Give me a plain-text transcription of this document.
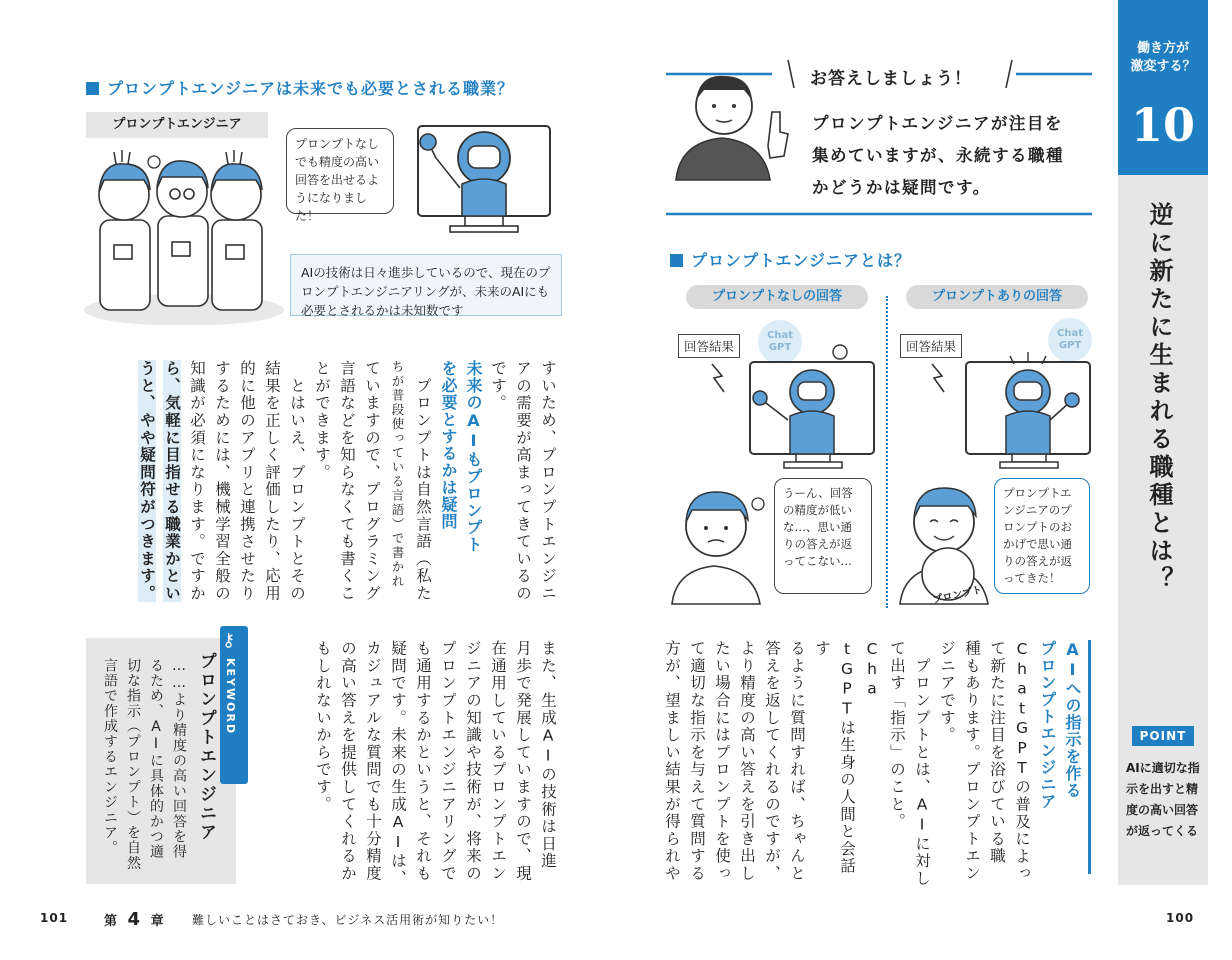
プロンプトエンジニアは未来でも必要とされる職業？
プロンプトエンジニア
プロンプトなしでも精度の高い回答を出せるようになりました！
AIの技術は日々進歩しているので、現在のプロンプトエンジニアリングが、未来のAIにも必要とされるかは未知数です
すいため、プロンプトエンジニ
アの需要が高まってきているの
です。
未来のAIもプロンプト
を必要とするかは疑問
　プロンプトは自然言語（私た
ちが普段使っている言語）で書かれ
ていますので、プログラミング
言語などを知らなくても書くこ
とができます。
　とはいえ、プロンプトとその
結果を正しく評価したり、応用
的に他のアプリと連携させたり
するためには、機械学習全般の
知識が必須になります。ですか
ら、気軽に目指せる職業かとい
うと、やや疑問符がつきます。
また、生成AIの技術は日進
月歩で発展していますので、現
在通用しているプロンプトエン
ジニアの知識や技術が、将来の
プロンプトエンジニアリングで
も通用するかというと、それも
疑問です。未来の生成AIは、
カジュアルな質問でも十分精度
の高い答えを提供してくれるか
もしれないからです。
⚷
KEYWORD
プロンプトエンジニア
……より精度の高い回答を得
るため、AIに具体的かつ適
切な指示（プロンプト）を自然
言語で作成するエンジニア。
101	第 4 章 難しいことはさておき、ビジネス活用術が知りたい！
お答えしましょう！
プロンプトエンジニアが注目を
集めていますが、永続する職種
かどうかは疑問です。
プロンプトエンジニアとは？
プロンプトなしの回答	プロンプトありの回答
回答結果	回答結果
Chat GPT
Chat GPT
うーん、回答の精度が低いな…、思い通りの答えが返ってこない…
プロンプト
プロンプトエンジニアのプロンプトのおかげで思い通りの答えが返ってきた！
AIへの指示を作る
プロンプトエンジニア
ChatGPTの普及によっ
て新たに注目を浴びている職
種もあります。プロンプトエン
ジニアです。
　プロンプトとは、AIに対し
て出す「指示」のこと。Cha
tGPTは生身の人間と会話す
るように質問すれば、ちゃんと
答えを返してくれるのですが、
より精度の高い答えを引き出し
たい場合にはプロンプトを使っ
て適切な指示を与えて質問する
方が、望ましい結果が得られや
働き方が
激変する？
10
逆に新たに生まれる職種とは？
POINT
AIに適切な指示を出すと精度の高い回答が返ってくる
100
